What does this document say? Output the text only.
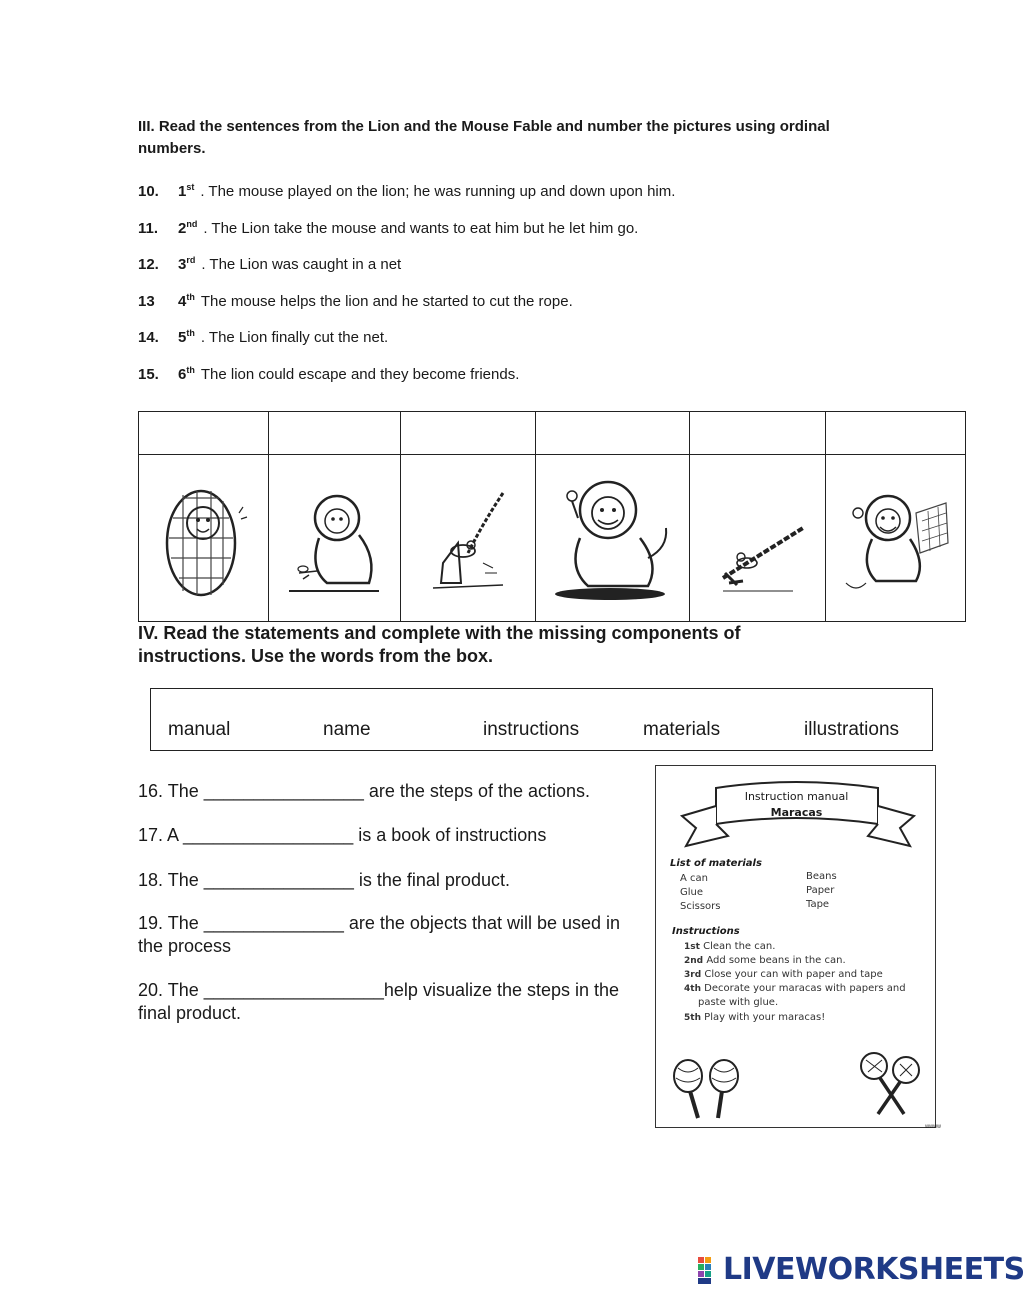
III. Read the sentences from the Lion and the Mouse Fable and number the pictures using ordinal numbers.
10. 1st . The mouse played on the lion; he was running up and down upon him.
11. 2nd . The Lion take the mouse and wants to eat him but he let him go.
12. 3rd . The Lion was caught in a net
13 4th The mouse helps the lion and he started to cut the rope.
14. 5th . The Lion finally cut the net.
15. 6th The lion could escape and they become friends.

IV. Read the statements and complete with the missing components of instructions. Use the words from the box.
manual	name	instructions	materials	illustrations
16. The ________________ are the steps of the actions.
17. A _________________ is a book of instructions
18. The _______________ is the final product.
19. The ______________ are the objects that will be used in the process
20. The __________________help visualize the steps in the final product.
Instruction manual
Maracas
List of materials
A can
Glue
Scissors
Beans
Paper
Tape
Instructions
1st Clean the can.
2nd Add some beans in the can.
3rd Close your can with paper and tape
4th Decorate your maracas with papers and
paste with glue.
5th Play with your maracas!
WWWW
LIVEWORKSHEETS
